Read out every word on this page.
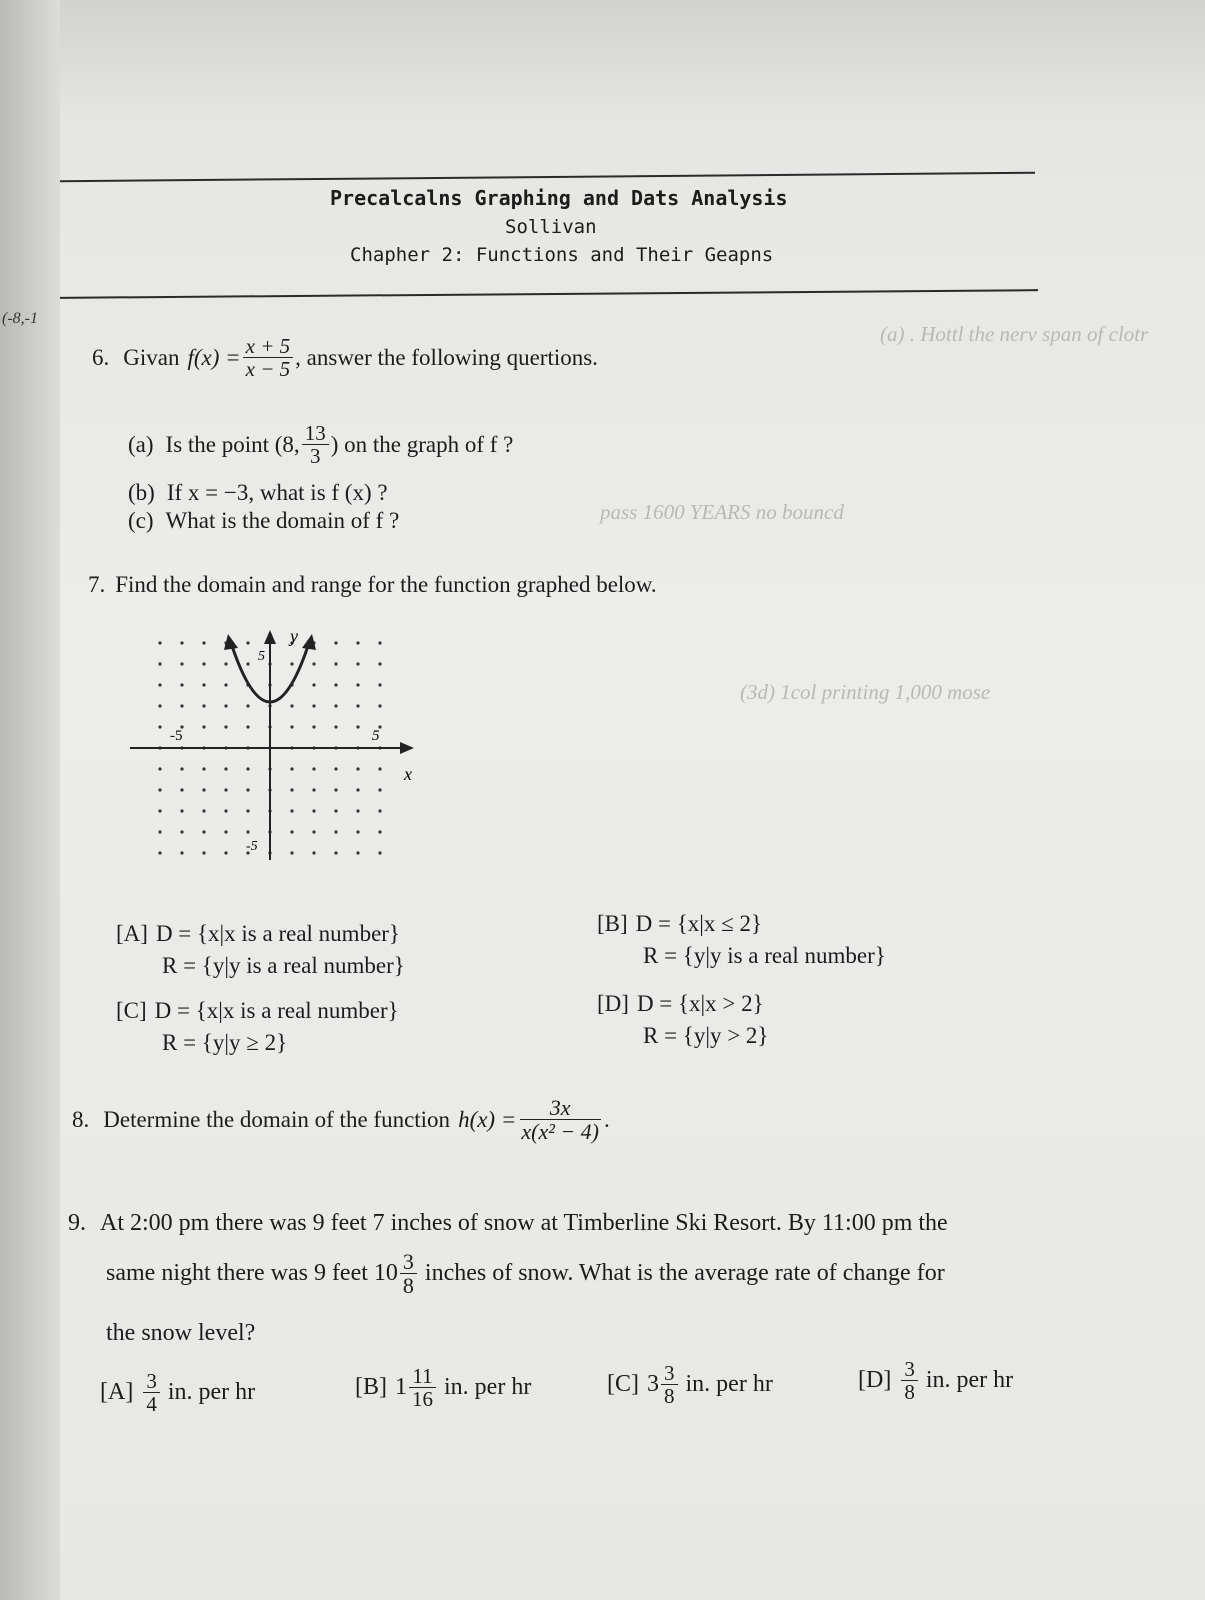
(-8,-1
Precalcalns Graphing and Dats Analysis
Sollivan
Chapher 2: Functions and Their Geapns
(a) . Hottl the nerv span of clotr
pass 1600 YEARS no bouncd
(3d) 1col printing 1,000 mose
6. Givan $f(x) = \frac{x + 5}{x - 5}$ , answer the following quertions.
(a) Is the point (8, $\frac{13}{3}$ ) on the graph of f ?
(b) If x = −3, what is f (x) ?
(c) What is the domain of f ?
7. Find the domain and range for the function graphed below.
y
x
5
-5	5
-5
[A] D = {x|x is a real number}
R = {y|y is a real number}
[B] D = {x|x ≤ 2}
R = {y|y is a real number}
[C] D = {x|x is a real number}
R = {y|y ≥ 2}
[D] D = {x|x > 2}
R = {y|y > 2}
8. Determine the domain of the function $h(x) = \frac{3x}{\text{x(x² − 4)}}$ .
9. At 2:00 pm there was 9 feet 7 inches of snow at Timberline Ski Resort. By 11:00 pm the
same night there was 9 feet $10 \frac{3}{8}$ inches of snow. What is the average rate of change for
the snow level?
$[A] \frac{3}{4}$ in. per hr	[B] $1 \frac{11}{16}$ in. per hr	[C] $3 \frac{3}{8}$ in. per hr	$[D] \frac{3}{8}$ in. per hr
